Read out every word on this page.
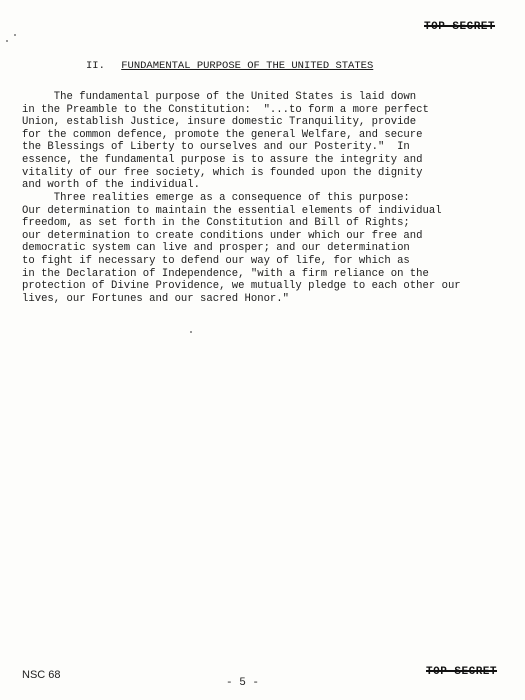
TOP SECRET
II. FUNDAMENTAL PURPOSE OF THE UNITED STATES
The fundamental purpose of the United States is laid down
in the Preamble to the Constitution:  "...to form a more perfect
Union, establish Justice, insure domestic Tranquility, provide
for the common defence, promote the general Welfare, and secure
the Blessings of Liberty to ourselves and our Posterity."  In
essence, the fundamental purpose is to assure the integrity and
vitality of our free society, which is founded upon the dignity
and worth of the individual.
Three realities emerge as a consequence of this purpose:
Our determination to maintain the essential elements of individual
freedom, as set forth in the Constitution and Bill of Rights;
our determination to create conditions under which our free and
democratic system can live and prosper; and our determination
to fight if necessary to defend our way of life, for which as
in the Declaration of Independence, "with a firm reliance on the
protection of Divine Providence, we mutually pledge to each other our
lives, our Fortunes and our sacred Honor."
NSC 68
- 5 -
TOP SECRET
